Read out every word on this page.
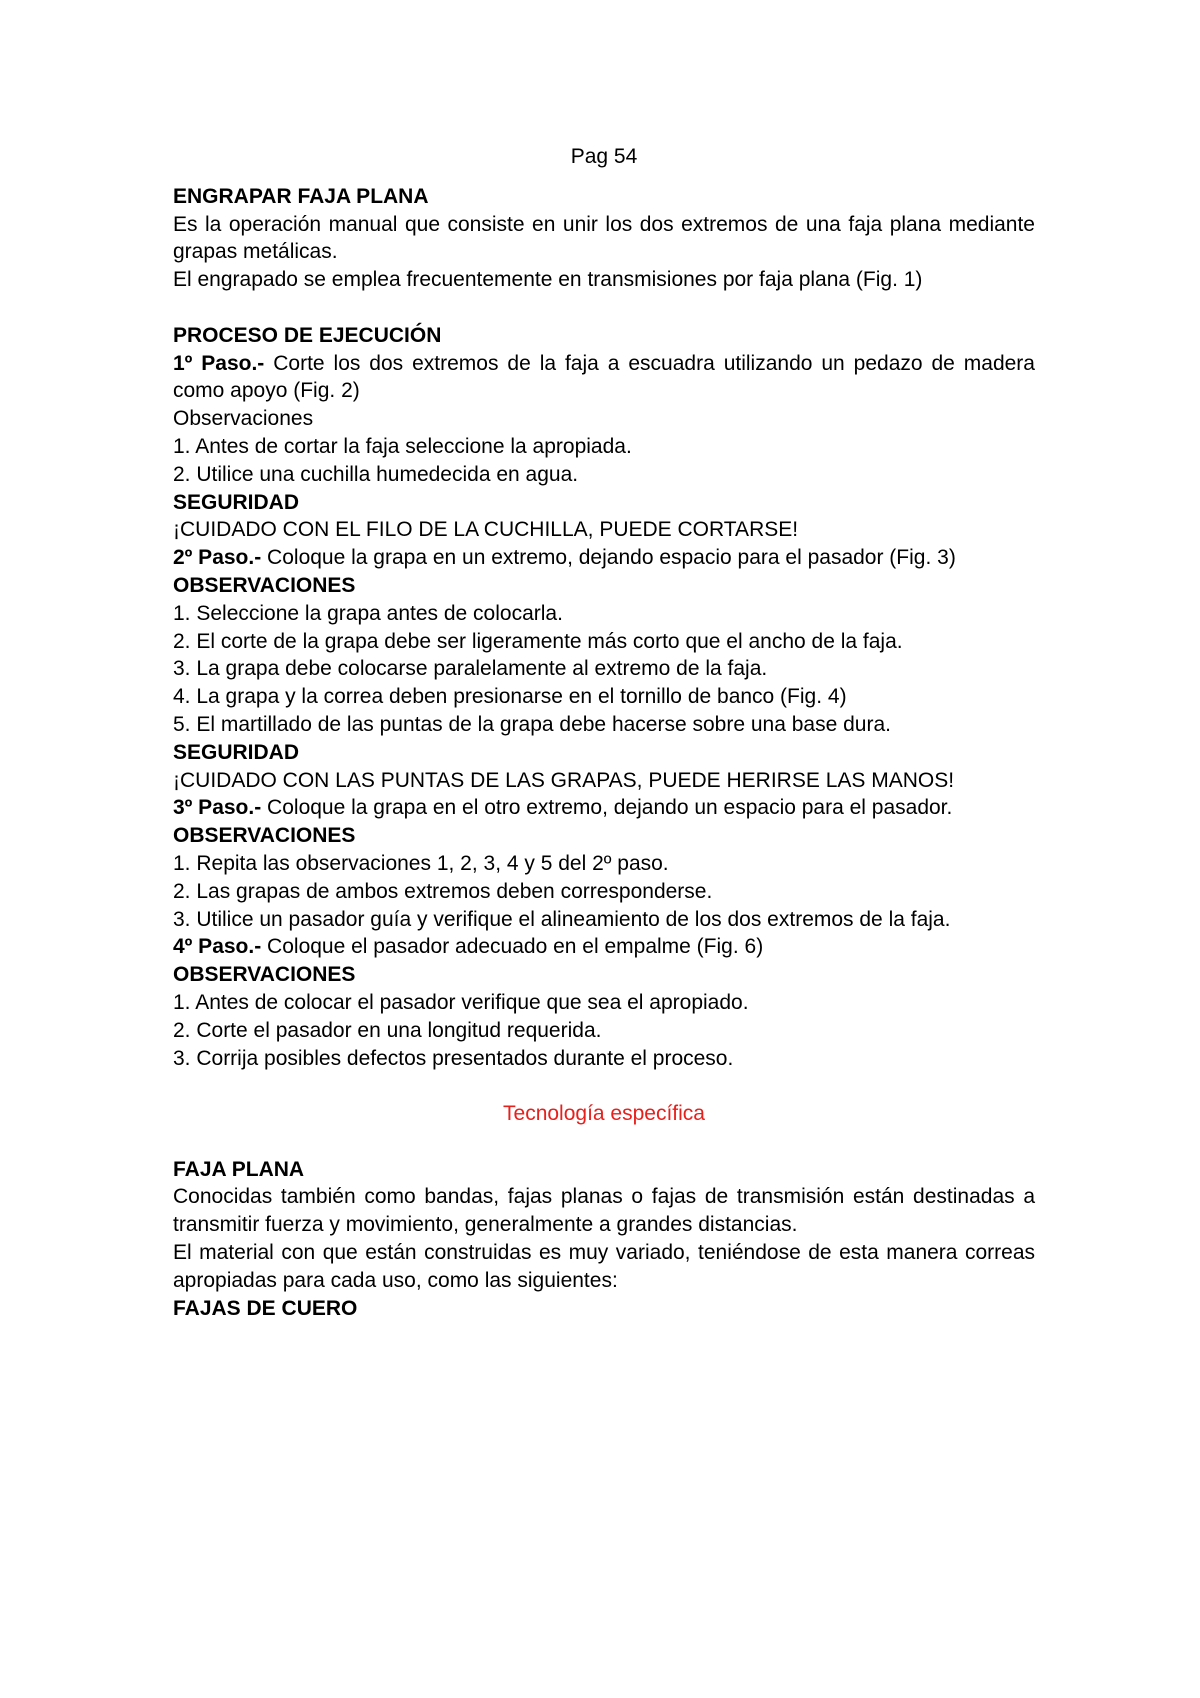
Pag 54

ENGRAPAR FAJA PLANA

Es la operación manual que consiste en unir los dos extremos de una faja plana mediante grapas metálicas.

El engrapado se emplea frecuentemente en transmisiones por faja plana (Fig. 1)

PROCESO DE EJECUCIÓN

1º Paso.- Corte los dos extremos de la faja a escuadra utilizando un pedazo de madera como apoyo (Fig. 2)

Observaciones

1. Antes de cortar la faja seleccione la apropiada.

2. Utilice una cuchilla humedecida en agua.

SEGURIDAD

¡CUIDADO CON EL FILO DE LA CUCHILLA, PUEDE CORTARSE!

2º Paso.- Coloque la grapa en un extremo, dejando espacio para el pasador (Fig. 3)

OBSERVACIONES

1. Seleccione la grapa antes de colocarla.

2. El corte de la grapa debe ser ligeramente más corto que el ancho de la faja.

3. La grapa debe colocarse paralelamente al extremo de la faja.

4. La grapa y la correa deben presionarse en el tornillo de banco (Fig. 4)

5. El martillado de las puntas de la grapa debe hacerse sobre una base dura.

SEGURIDAD

¡CUIDADO CON LAS PUNTAS DE LAS GRAPAS, PUEDE HERIRSE LAS MANOS!

3º Paso.- Coloque la grapa en el otro extremo, dejando un espacio para el pasador.

OBSERVACIONES

1. Repita las observaciones 1, 2, 3, 4 y 5 del 2º paso.

2. Las grapas de ambos extremos deben corresponderse.

3. Utilice un pasador guía y verifique el alineamiento de los dos extremos de la faja.

4º Paso.- Coloque el pasador adecuado en el empalme (Fig. 6)

OBSERVACIONES

1. Antes de colocar el pasador verifique que sea el apropiado.

2. Corte el pasador en una longitud requerida.

3. Corrija posibles defectos presentados durante el proceso.

Tecnología específica

FAJA PLANA

Conocidas también como bandas, fajas planas o fajas de transmisión están destinadas a transmitir fuerza y movimiento, generalmente a grandes distancias.

El material con que están construidas es muy variado, teniéndose de esta manera correas apropiadas para cada uso, como las siguientes:

FAJAS DE CUERO
